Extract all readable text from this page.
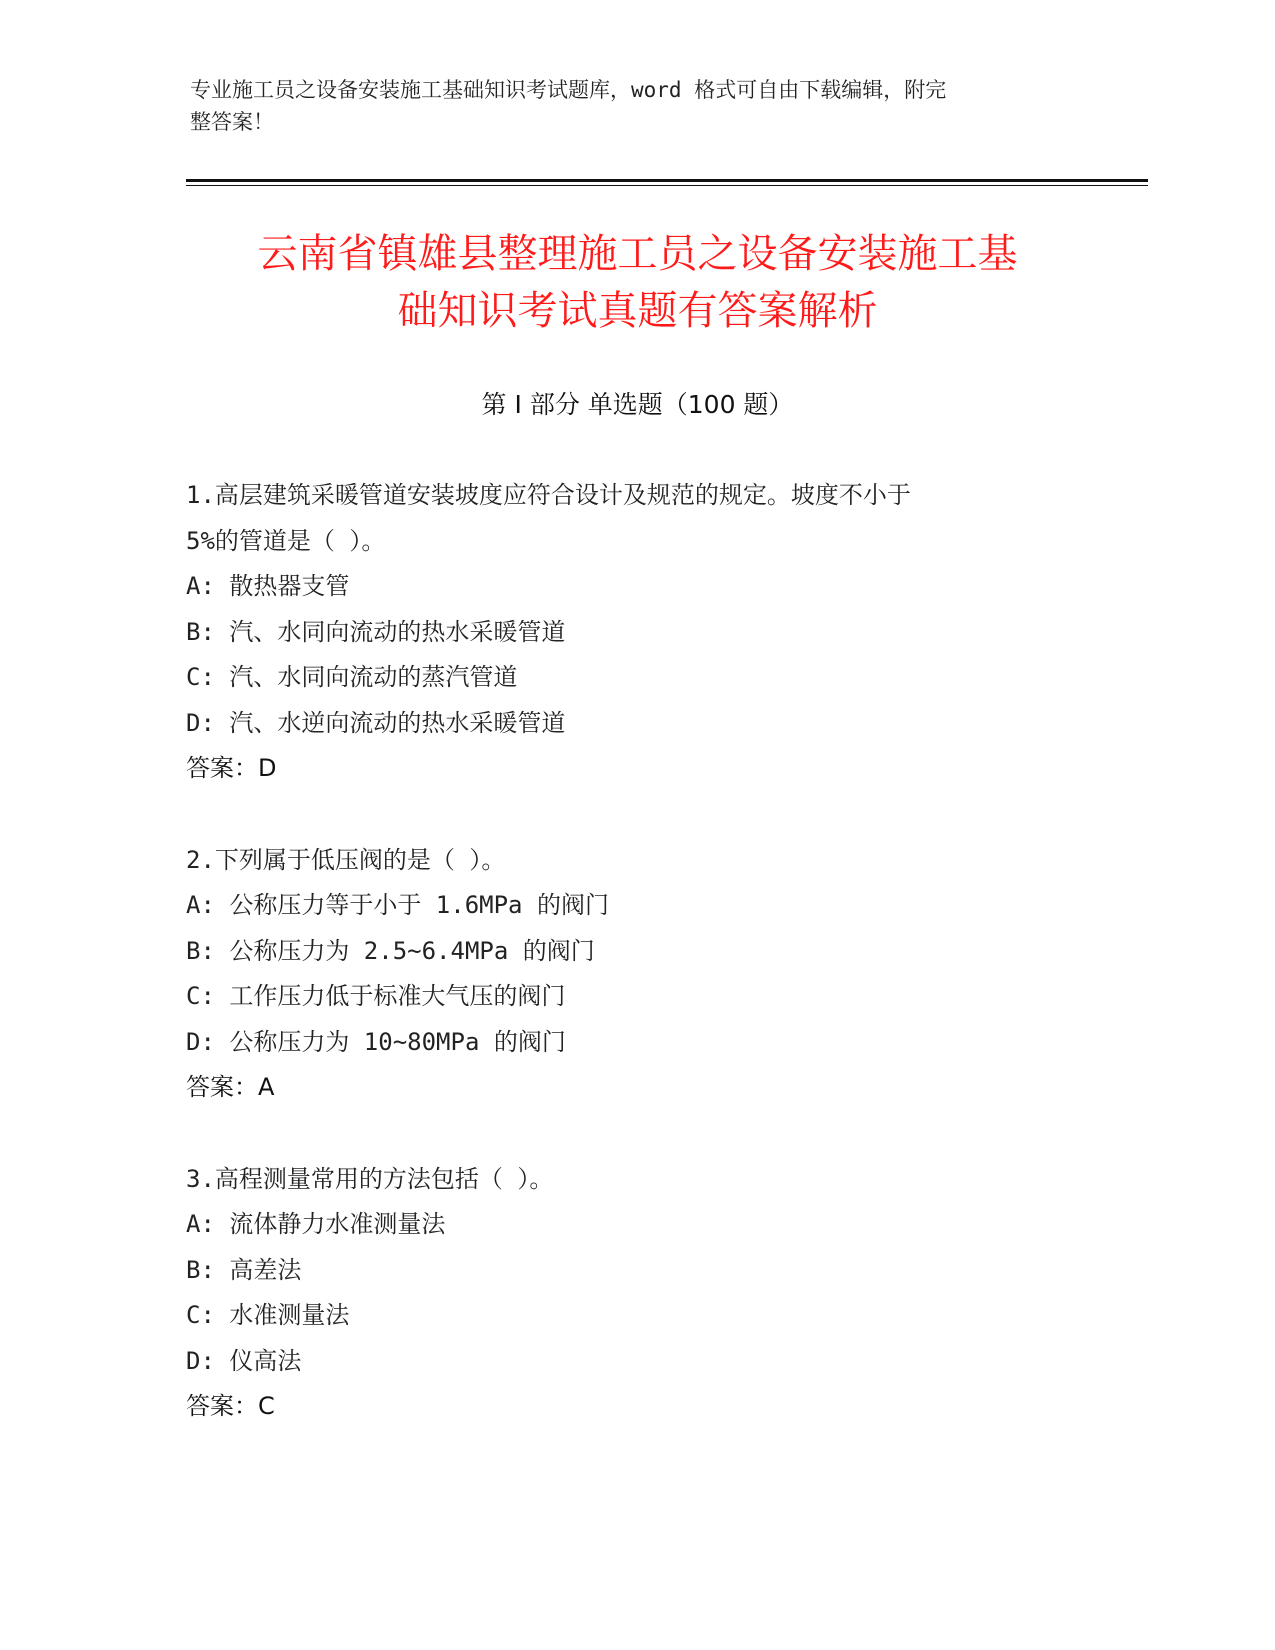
专业施工员之设备安装施工基础知识考试题库，word 格式可自由下载编辑，附完
整答案！
云南省镇雄县整理施工员之设备安装施工基
础知识考试真题有答案解析
第 I 部分 单选题（100 题）
1.高层建筑采暖管道安装坡度应符合设计及规范的规定。坡度不小于
5%的管道是（ ）。
A: 散热器支管
B: 汽、水同向流动的热水采暖管道
C: 汽、水同向流动的蒸汽管道
D: 汽、水逆向流动的热水采暖管道
答案：D
2.下列属于低压阀的是（ ）。
A: 公称压力等于小于 1.6MPa 的阀门
B: 公称压力为 2.5~6.4MPa 的阀门
C: 工作压力低于标准大气压的阀门
D: 公称压力为 10~80MPa 的阀门
答案：A
3.高程测量常用的方法包括（ ）。
A: 流体静力水准测量法
B: 高差法
C: 水准测量法
D: 仪高法
答案：C
